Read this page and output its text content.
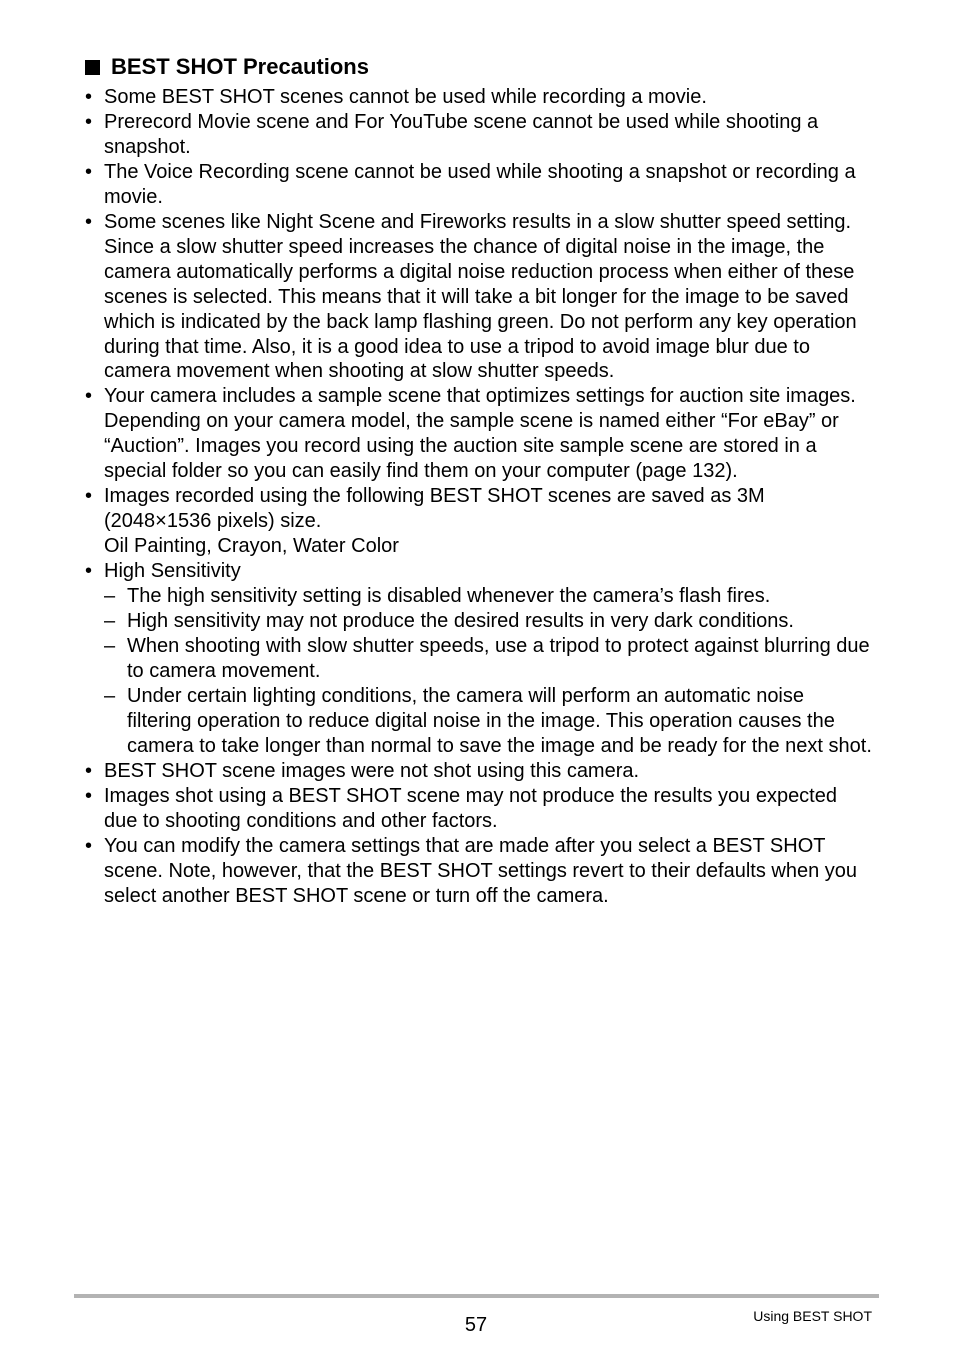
BEST SHOT Precautions
• Some BEST SHOT scenes cannot be used while recording a movie.
• Prerecord Movie scene and For YouTube scene cannot be used while shooting a snapshot.
• The Voice Recording scene cannot be used while shooting a snapshot or recording a movie.
• Some scenes like Night Scene and Fireworks results in a slow shutter speed setting. Since a slow shutter speed increases the chance of digital noise in the image, the camera automatically performs a digital noise reduction process when either of these scenes is selected. This means that it will take a bit longer for the image to be saved which is indicated by the back lamp flashing green. Do not perform any key operation during that time. Also, it is a good idea to use a tripod to avoid image blur due to camera movement when shooting at slow shutter speeds.
• Your camera includes a sample scene that optimizes settings for auction site images. Depending on your camera model, the sample scene is named either “For eBay” or “Auction”. Images you record using the auction site sample scene are stored in a special folder so you can easily find them on your computer (page 132).
• Images recorded using the following BEST SHOT scenes are saved as 3M (2048×1536 pixels) size.
Oil Painting, Crayon, Water Color
• High Sensitivity
– The high sensitivity setting is disabled whenever the camera’s flash fires.
– High sensitivity may not produce the desired results in very dark conditions.
– When shooting with slow shutter speeds, use a tripod to protect against blurring due to camera movement.
– Under certain lighting conditions, the camera will perform an automatic noise filtering operation to reduce digital noise in the image. This operation causes the camera to take longer than normal to save the image and be ready for the next shot.
• BEST SHOT scene images were not shot using this camera.
• Images shot using a BEST SHOT scene may not produce the results you expected due to shooting conditions and other factors.
• You can modify the camera settings that are made after you select a BEST SHOT scene. Note, however, that the BEST SHOT settings revert to their defaults when you select another BEST SHOT scene or turn off the camera.
57	Using BEST SHOT
